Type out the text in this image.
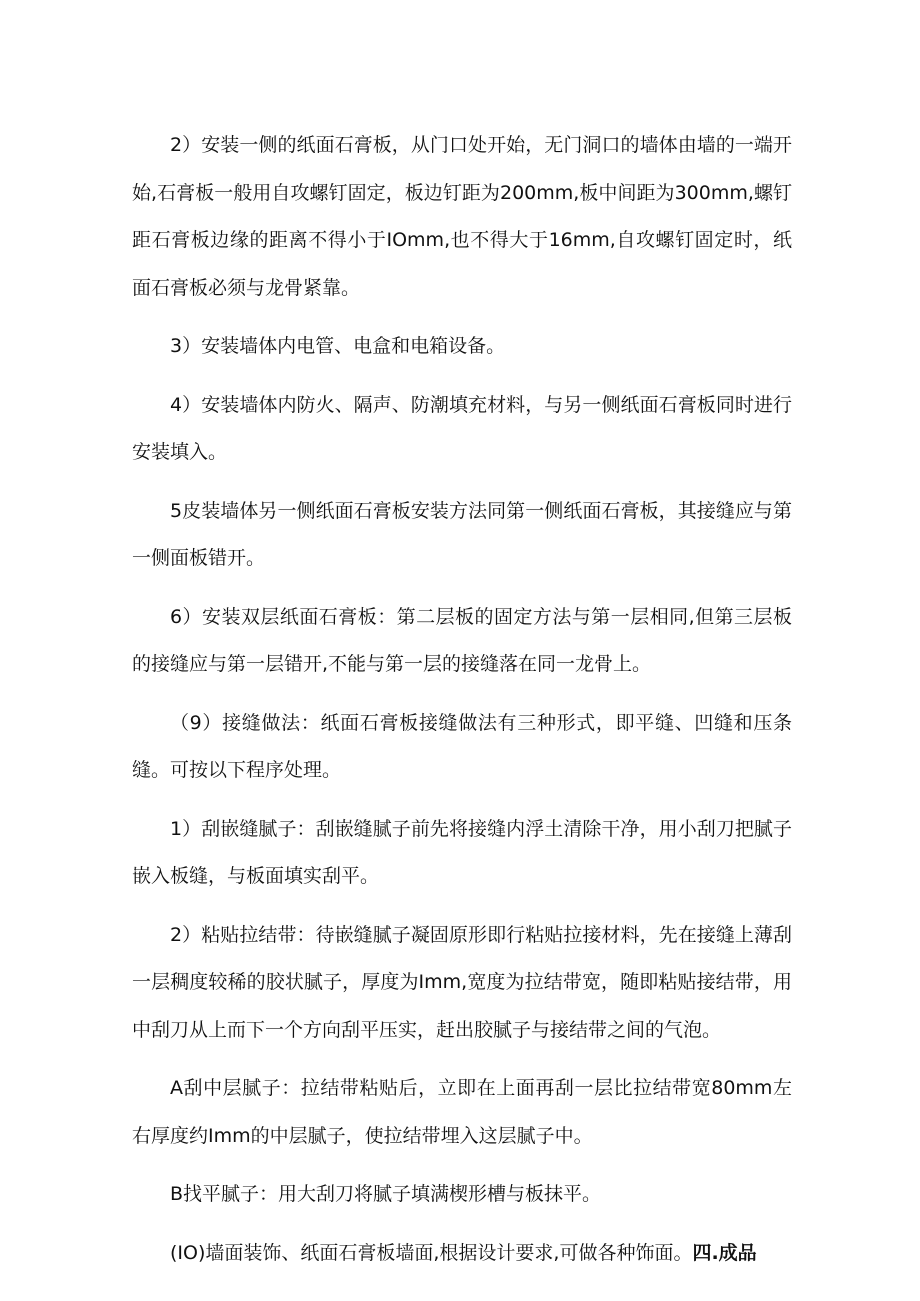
2）安装一侧的纸面石膏板，从门口处开始，无门洞口的墙体由墙的一端开始,石膏板一般用自攻螺钉固定，板边钉距为200mm,板中间距为300mm,螺钉距石膏板边缘的距离不得小于IOmm,也不得大于16mm,自攻螺钉固定时，纸面石膏板必须与龙骨紧靠。

3）安装墙体内电管、电盒和电箱设备。

4）安装墙体内防火、隔声、防潮填充材料，与另一侧纸面石膏板同时进行安装填入。

5皮装墙体另一侧纸面石膏板安装方法同第一侧纸面石膏板，其接缝应与第一侧面板错开。

6）安装双层纸面石膏板：第二层板的固定方法与第一层相同,但第三层板的接缝应与第一层错开,不能与第一层的接缝落在同一龙骨上。

（9）接缝做法：纸面石膏板接缝做法有三种形式，即平缝、凹缝和压条缝。可按以下程序处理。

1）刮嵌缝腻子：刮嵌缝腻子前先将接缝内浮土清除干净，用小刮刀把腻子嵌入板缝，与板面填实刮平。

2）粘贴拉结带：待嵌缝腻子凝固原形即行粘贴拉接材料，先在接缝上薄刮一层稠度较稀的胶状腻子，厚度为Imm,宽度为拉结带宽，随即粘贴接结带，用中刮刀从上而下一个方向刮平压实，赶出胶腻子与接结带之间的气泡。

A刮中层腻子：拉结带粘贴后，立即在上面再刮一层比拉结带宽80mm左右厚度约Imm的中层腻子，使拉结带埋入这层腻子中。

B找平腻子：用大刮刀将腻子填满楔形槽与板抹平。

(IO)墙面装饰、纸面石膏板墙面,根据设计要求,可做各种饰面。四.成品
